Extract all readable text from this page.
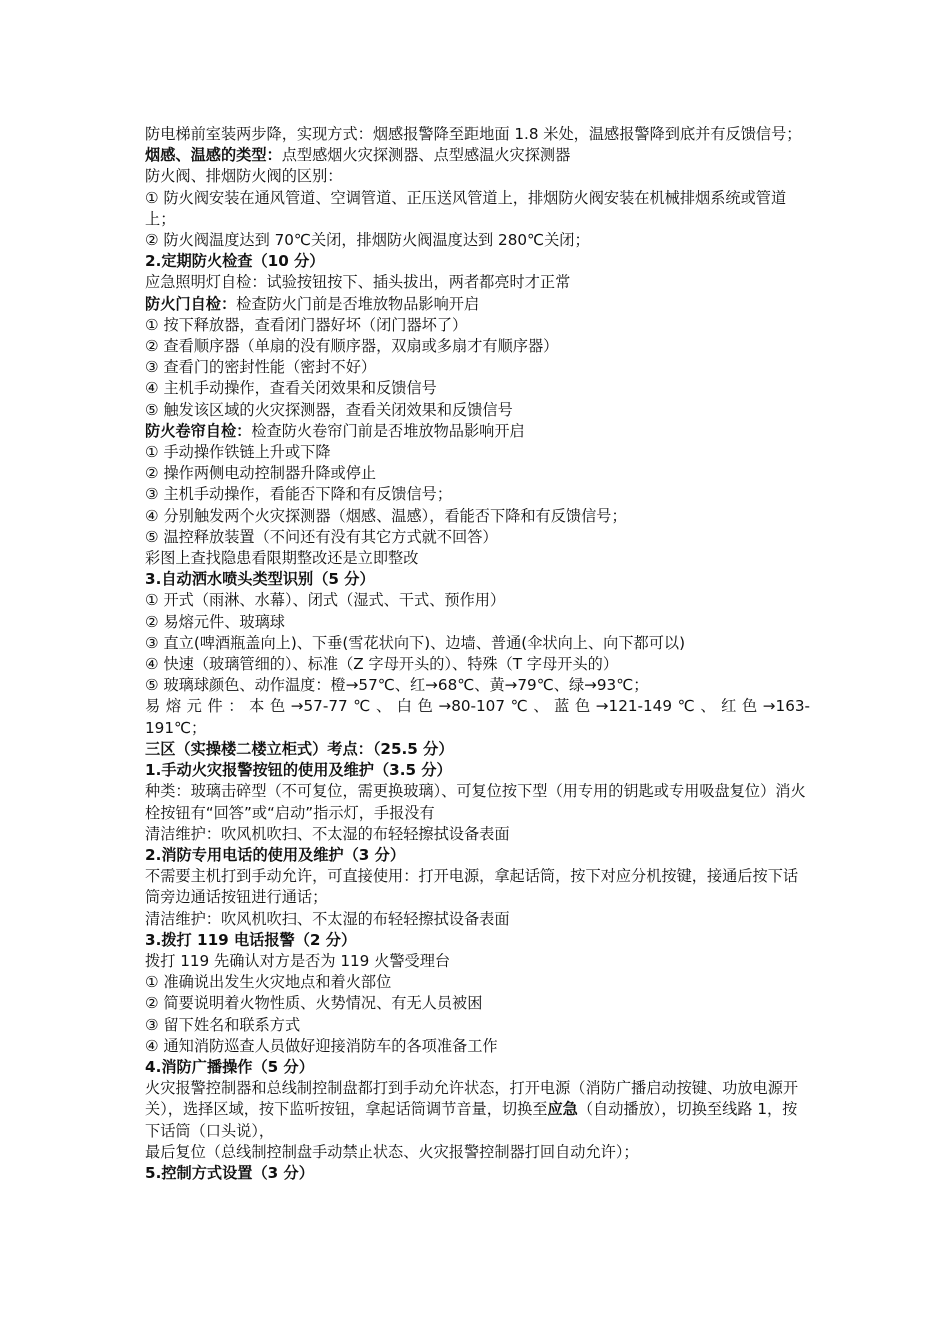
防电梯前室装两步降，实现方式：烟感报警降至距地面 1.8 米处，温感报警降到底并有反馈信号；
烟感、温感的类型：点型感烟火灾探测器、点型感温火灾探测器
防火阀、排烟防火阀的区别：
① 防火阀安装在通风管道、空调管道、正压送风管道上，排烟防火阀安装在机械排烟系统或管道上；
② 防火阀温度达到 70℃关闭，排烟防火阀温度达到 280℃关闭；
2.定期防火检查（10 分）
应急照明灯自检：试验按钮按下、插头拔出，两者都亮时才正常
防火门自检：检查防火门前是否堆放物品影响开启
① 按下释放器，查看闭门器好坏（闭门器坏了）
② 查看顺序器（单扇的没有顺序器，双扇或多扇才有顺序器）
③ 查看门的密封性能（密封不好）
④ 主机手动操作，查看关闭效果和反馈信号
⑤ 触发该区域的火灾探测器，查看关闭效果和反馈信号
防火卷帘自检：检查防火卷帘门前是否堆放物品影响开启
① 手动操作铁链上升或下降
② 操作两侧电动控制器升降或停止
③ 主机手动操作，看能否下降和有反馈信号；
④ 分别触发两个火灾探测器（烟感、温感），看能否下降和有反馈信号；
⑤ 温控释放装置（不问还有没有其它方式就不回答）
彩图上查找隐患看限期整改还是立即整改
3.自动洒水喷头类型识别（5 分）
① 开式（雨淋、水幕）、闭式（湿式、干式、预作用）
② 易熔元件、玻璃球
③ 直立(啤酒瓶盖向上)、下垂(雪花状向下)、边墙、普通(伞状向上、向下都可以)
④ 快速（玻璃管细的）、标准（Z 字母开头的）、特殊（T 字母开头的）
⑤ 玻璃球颜色、动作温度：橙→57℃、红→68℃、黄→79℃、绿→93℃；
易熔元件：本色→57-77℃、白色→80-107℃、蓝色→121-149℃、红色→163-
191℃；
三区（实操楼二楼立柜式）考点：（25.5 分）
1.手动火灾报警按钮的使用及维护（3.5 分）
种类：玻璃击碎型（不可复位，需更换玻璃）、可复位按下型（用专用的钥匙或专用吸盘复位）消火栓按钮有“回答”或“启动”指示灯，手报没有
清洁维护：吹风机吹扫、不太湿的布轻轻擦拭设备表面
2.消防专用电话的使用及维护（3 分）
不需要主机打到手动允许，可直接使用：打开电源，拿起话筒，按下对应分机按键，接通后按下话筒旁边通话按钮进行通话；
清洁维护：吹风机吹扫、不太湿的布轻轻擦拭设备表面
3.拨打 119 电话报警（2 分）
拨打 119 先确认对方是否为 119 火警受理台
① 准确说出发生火灾地点和着火部位
② 简要说明着火物性质、火势情况、有无人员被困
③ 留下姓名和联系方式
④ 通知消防巡查人员做好迎接消防车的各项准备工作
4.消防广播操作（5 分）
火灾报警控制器和总线制控制盘都打到手动允许状态，打开电源（消防广播启动按键、功放电源开关），选择区域，按下监听按钮，拿起话筒调节音量，切换至应急（自动播放），切换至线路 1，按下话筒（口头说），
最后复位（总线制控制盘手动禁止状态、火灾报警控制器打回自动允许）；
5.控制方式设置（3 分）
